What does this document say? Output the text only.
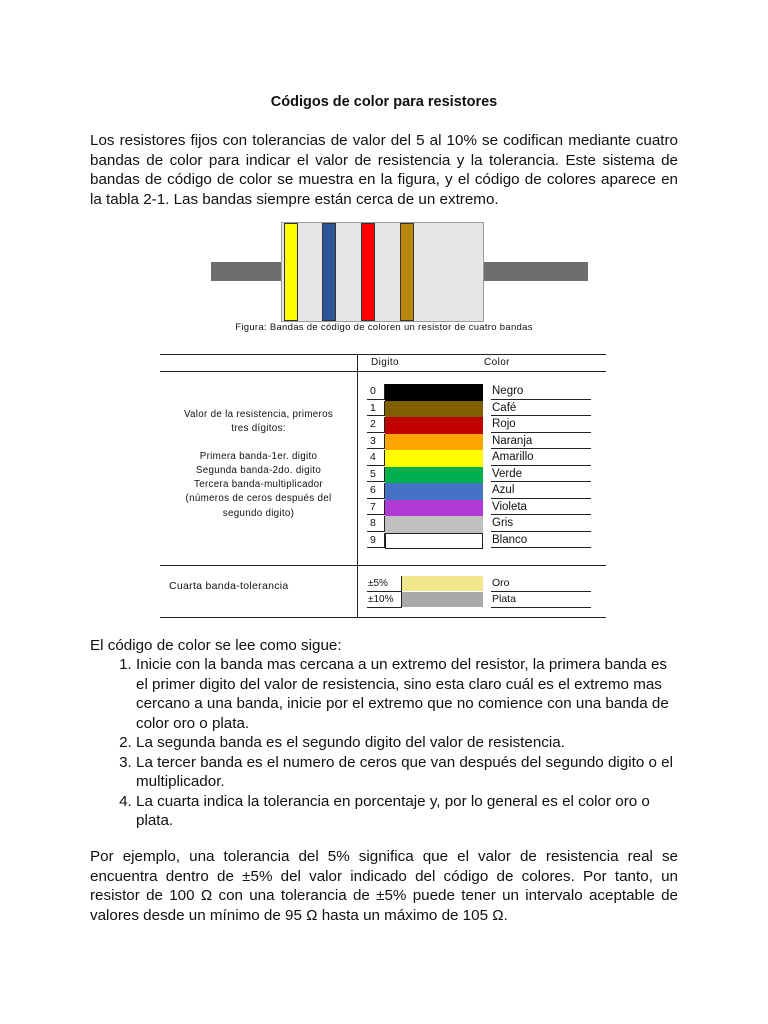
Códigos de color para resistores

Los resistores fijos con tolerancias de valor del 5 al 10% se codifican mediante cuatro bandas de color para indicar el valor de resistencia y la tolerancia. Este sistema de bandas de código de color se muestra en la figura, y el código de colores aparece en la tabla 2-1. Las bandas siempre están cerca de un extremo.

Figura: Bandas de código de coloren un resistor de cuatro bandas
Digito	Color
Valor de la resistencia, primeros
tres dígitos:
Primera banda-1er. digito
Segunda banda-2do. digito
Tercera banda-multiplicador
(números de ceros después del
segundo digito)
0	Negro
1	Café
2	Rojo
3	Naranja
4	Amarillo
5	Verde
6	Azul
7	Violeta
8	Gris
9	Blanco
Cuarta banda-tolerancia	±5%	Oro
±10%	Plata

El código de color se lee como sigue:

1. Inicie con la banda mas cercana a un extremo del resistor, la primera banda es el primer digito del valor de resistencia, sino esta claro cuál es el extremo mas cercano a una banda, inicie por el extremo que no comience con una banda de color oro o plata.
2. La segunda banda es el segundo digito del valor de resistencia.
3. La tercer banda es el numero de ceros que van después del segundo digito o el multiplicador.
4. La cuarta indica la tolerancia en porcentaje y, por lo general es el color oro o plata.

Por ejemplo, una tolerancia del 5% significa que el valor de resistencia real se encuentra dentro de ±5% del valor indicado del código de colores. Por tanto, un resistor de 100 Ω con una tolerancia de ±5% puede tener un intervalo aceptable de valores desde un mínimo de 95 Ω hasta un máximo de 105 Ω.
